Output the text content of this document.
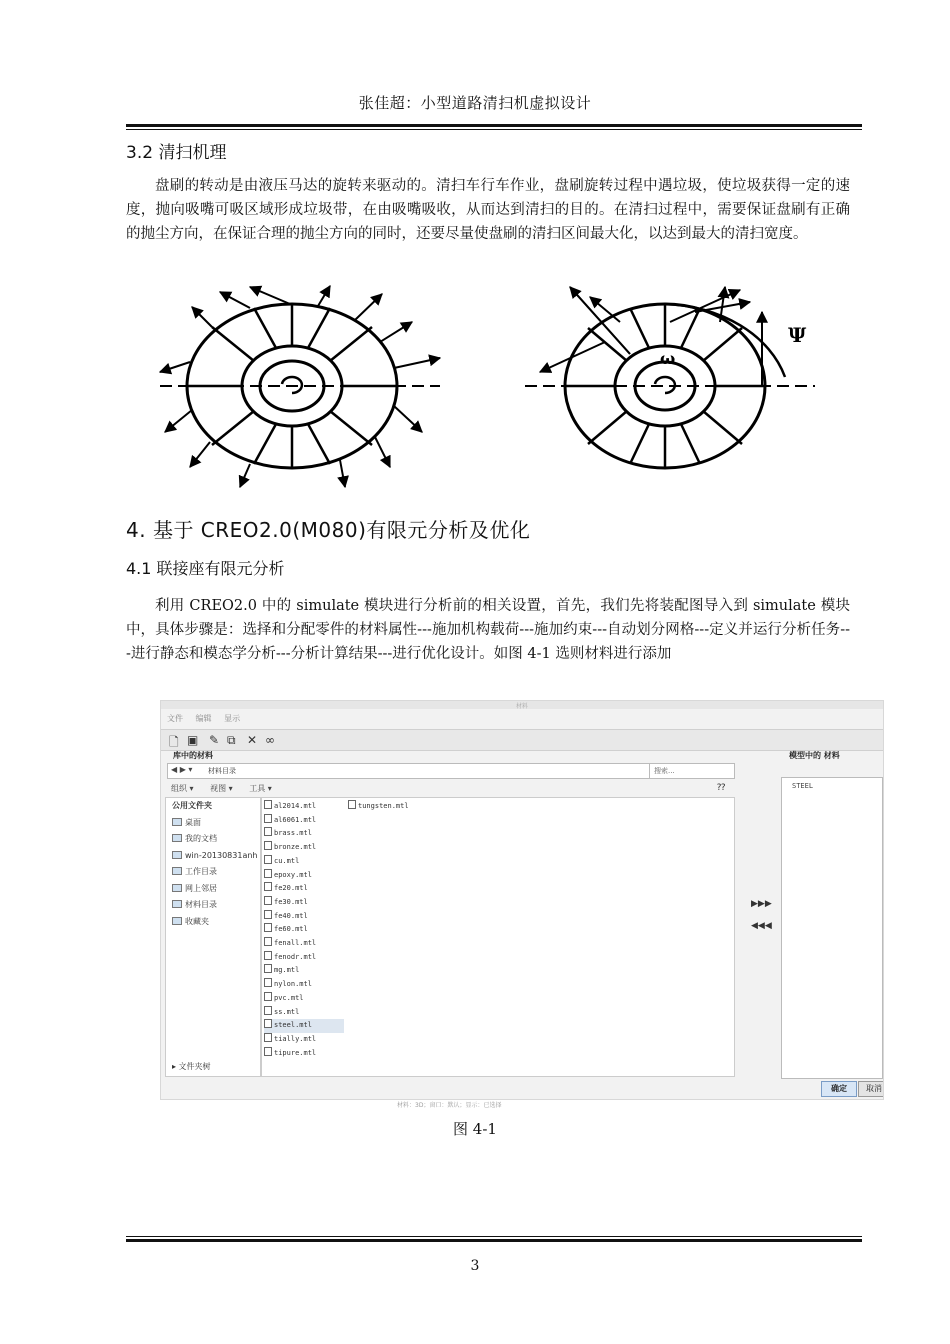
张佳超：小型道路清扫机虚拟设计
3.2 清扫机理

盘刷的转动是由液压马达的旋转来驱动的。清扫车行车作业，盘刷旋转过程中遇垃圾，使垃圾获得一定的速度，抛向吸嘴可吸区域形成垃圾带，在由吸嘴吸收，从而达到清扫的目的。在清扫过程中，需要保证盘刷有正确的抛尘方向，在保证合理的抛尘方向的同时，还要尽量使盘刷的清扫区间最大化，以达到最大的清扫宽度。

ω
Ψ
4. 基于 CREO2.0(M080)有限元分析及优化
4.1 联接座有限元分析

利用 CREO2.0 中的 simulate 模块进行分析前的相关设置，首先，我们先将装配图导入到 simulate 模块中，具体步骤是：选择和分配零件的材料属性---施加机构载荷---施加约束---自动划分网格---定义并运行分析任务---进行静态和模态学分析---分析计算结果---进行优化设计。如图 4-1 选则材料进行添加

材料
文件 编辑 显示
🗋 ▣ ✎ ⧉ ✕ ∞
库中的材料	模型中的 材料
◀ ▶ ▾ 材料目录	搜索...
组织 ▾ 视图 ▾ 工具 ▾	⁇
公用文件夹
桌面
我的文档
win-20130831anh
工作目录
网上邻居
材料目录
收藏夹
▸ 文件夹树
al2014.mtl
al6061.mtl
brass.mtl
bronze.mtl
cu.mtl
epoxy.mtl
fe20.mtl
fe30.mtl
fe40.mtl
fe60.mtl
fenall.mtl
fenodr.mtl
mg.mtl
nylon.mtl
pvc.mtl
ss.mtl
steel.mtl
tially.mtl
tipure.mtl
tungsten.mtl
▶▶▶
◀◀◀
STEEL
确定	取消
材料：3D；窗口：默认；显示：已选择
图 4-1
3
